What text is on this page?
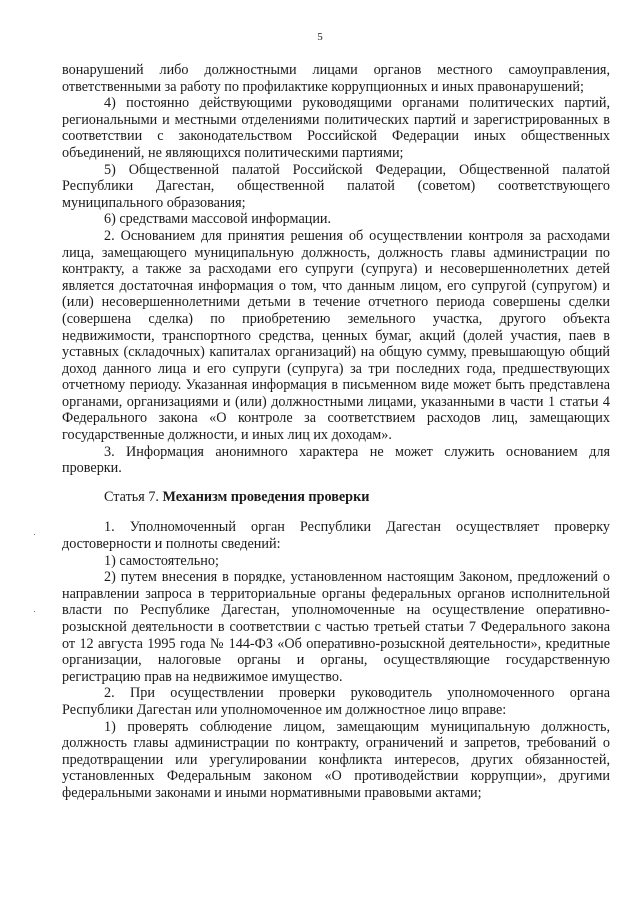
5

вонарушений либо должностными лицами органов местного самоуправления, ответственными за работу по профилактике коррупционных и иных правонарушений;

4) постоянно действующими руководящими органами политических партий, региональными и местными отделениями политических партий и зарегистрированных в соответствии с законодательством Российской Федерации иных общественных объединений, не являющихся политическими партиями;

5) Общественной палатой Российской Федерации, Общественной палатой Республики Дагестан, общественной палатой (советом) соответствующего муниципального образования;

6) средствами массовой информации.

2. Основанием для принятия решения об осуществлении контроля за расходами лица, замещающего муниципальную должность, должность главы администрации по контракту, а также за расходами его супруги (супруга) и несовершеннолетних детей является достаточная информация о том, что данным лицом, его супругой (супругом) и (или) несовершеннолетними детьми в течение отчетного периода совершены сделки (совершена сделка) по приобретению земельного участка, другого объекта недвижимости, транспортного средства, ценных бумаг, акций (долей участия, паев в уставных (складочных) капиталах организаций) на общую сумму, превышающую общий доход данного лица и его супруги (супруга) за три последних года, предшествующих отчетному периоду. Указанная информация в письменном виде может быть представлена органами, организациями и (или) должностными лицами, указанными в части 1 статьи 4 Федерального закона «О контроле за соответствием расходов лиц, замещающих государственные должности, и иных лиц их доходам».

3. Информация анонимного характера не может служить основанием для проверки.

Статья 7. Механизм проведения проверки

1. Уполномоченный орган Республики Дагестан осуществляет проверку достоверности и полноты сведений:

1) самостоятельно;

2) путем внесения в порядке, установленном настоящим Законом, предложений о направлении запроса в территориальные органы федеральных органов исполнительной власти по Республике Дагестан, уполномоченные на осуществление оперативно-розыскной деятельности в соответствии с частью третьей статьи 7 Федерального закона от 12 августа 1995 года № 144-ФЗ «Об оперативно-розыскной деятельности», кредитные организации, налоговые органы и органы, осуществляющие государственную регистрацию прав на недвижимое имущество.

2. При осуществлении проверки руководитель уполномоченного органа Республики Дагестан или уполномоченное им должностное лицо вправе:

1) проверять соблюдение лицом, замещающим муниципальную должность, должность главы администрации по контракту, ограничений и запретов, требований о предотвращении или урегулировании конфликта интересов, других обязанностей, установленных Федеральным законом «О противодействии коррупции», другими федеральными законами и иными нормативными правовыми актами;
